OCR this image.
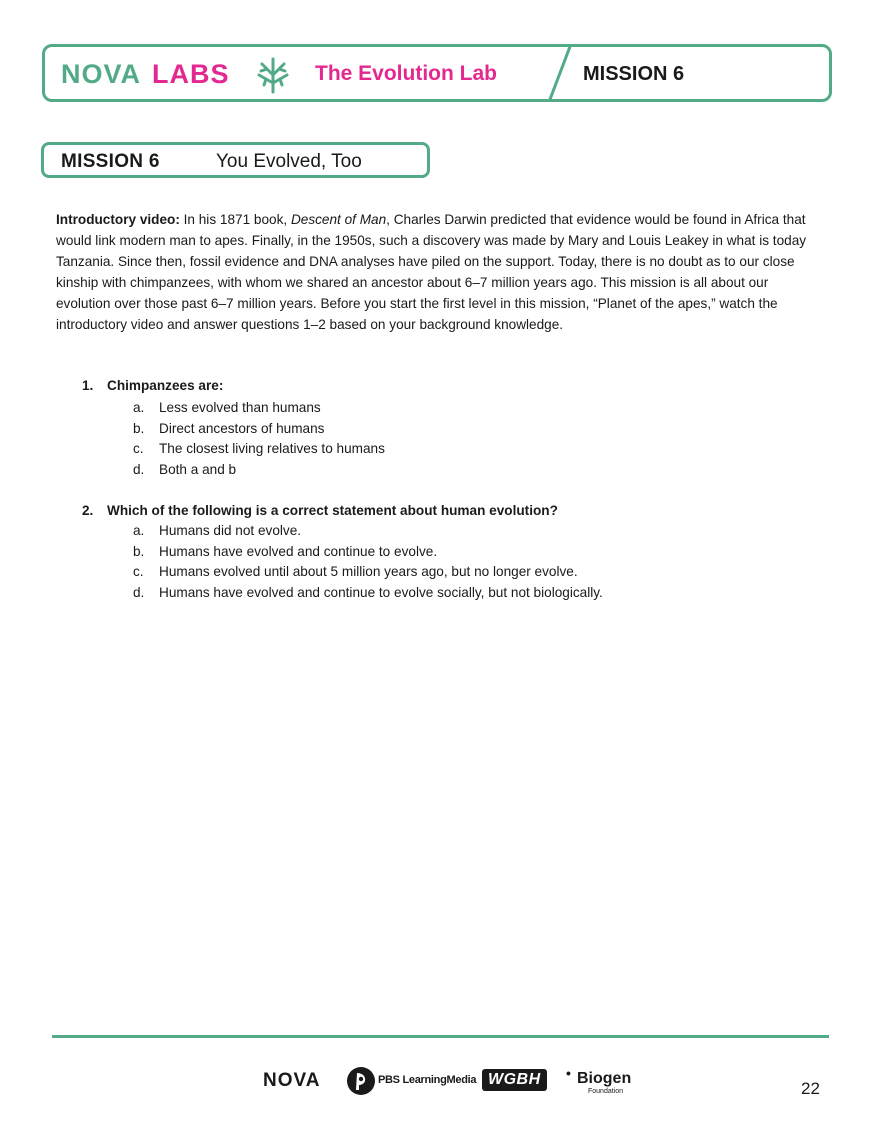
NOVA LABS	The Evolution Lab	MISSION 6
MISSION 6	You Evolved, Too

Introductory video: In his 1871 book, Descent of Man, Charles Darwin predicted that evidence would be found in Africa that would link modern man to apes. Finally, in the 1950s, such a discovery was made by Mary and Louis Leakey in what is today Tanzania. Since then, fossil evidence and DNA analyses have piled on the support. Today, there is no doubt as to our close kinship with chimpanzees, with whom we shared an ancestor about 6–7 million years ago. This mission is all about our evolution over those past 6–7 million years. Before you start the first level in this mission, “Planet of the apes,” watch the introductory video and answer questions 1–2 based on your background knowledge.

1.	Chimpanzees are:
a.	Less evolved than humans
b.	Direct ancestors of humans
c.	The closest living relatives to humans
d.	Both a and b
2.	Which of the following is a correct statement about human evolution?
a.	Humans did not evolve.
b.	Humans have evolved and continue to evolve.
c.	Humans evolved until about 5 million years ago, but no longer evolve.
d.	Humans have evolved and continue to evolve socially, but not biologically.
NOVA	PBS LearningMedia WGBH	• Biogen
Foundation	22
